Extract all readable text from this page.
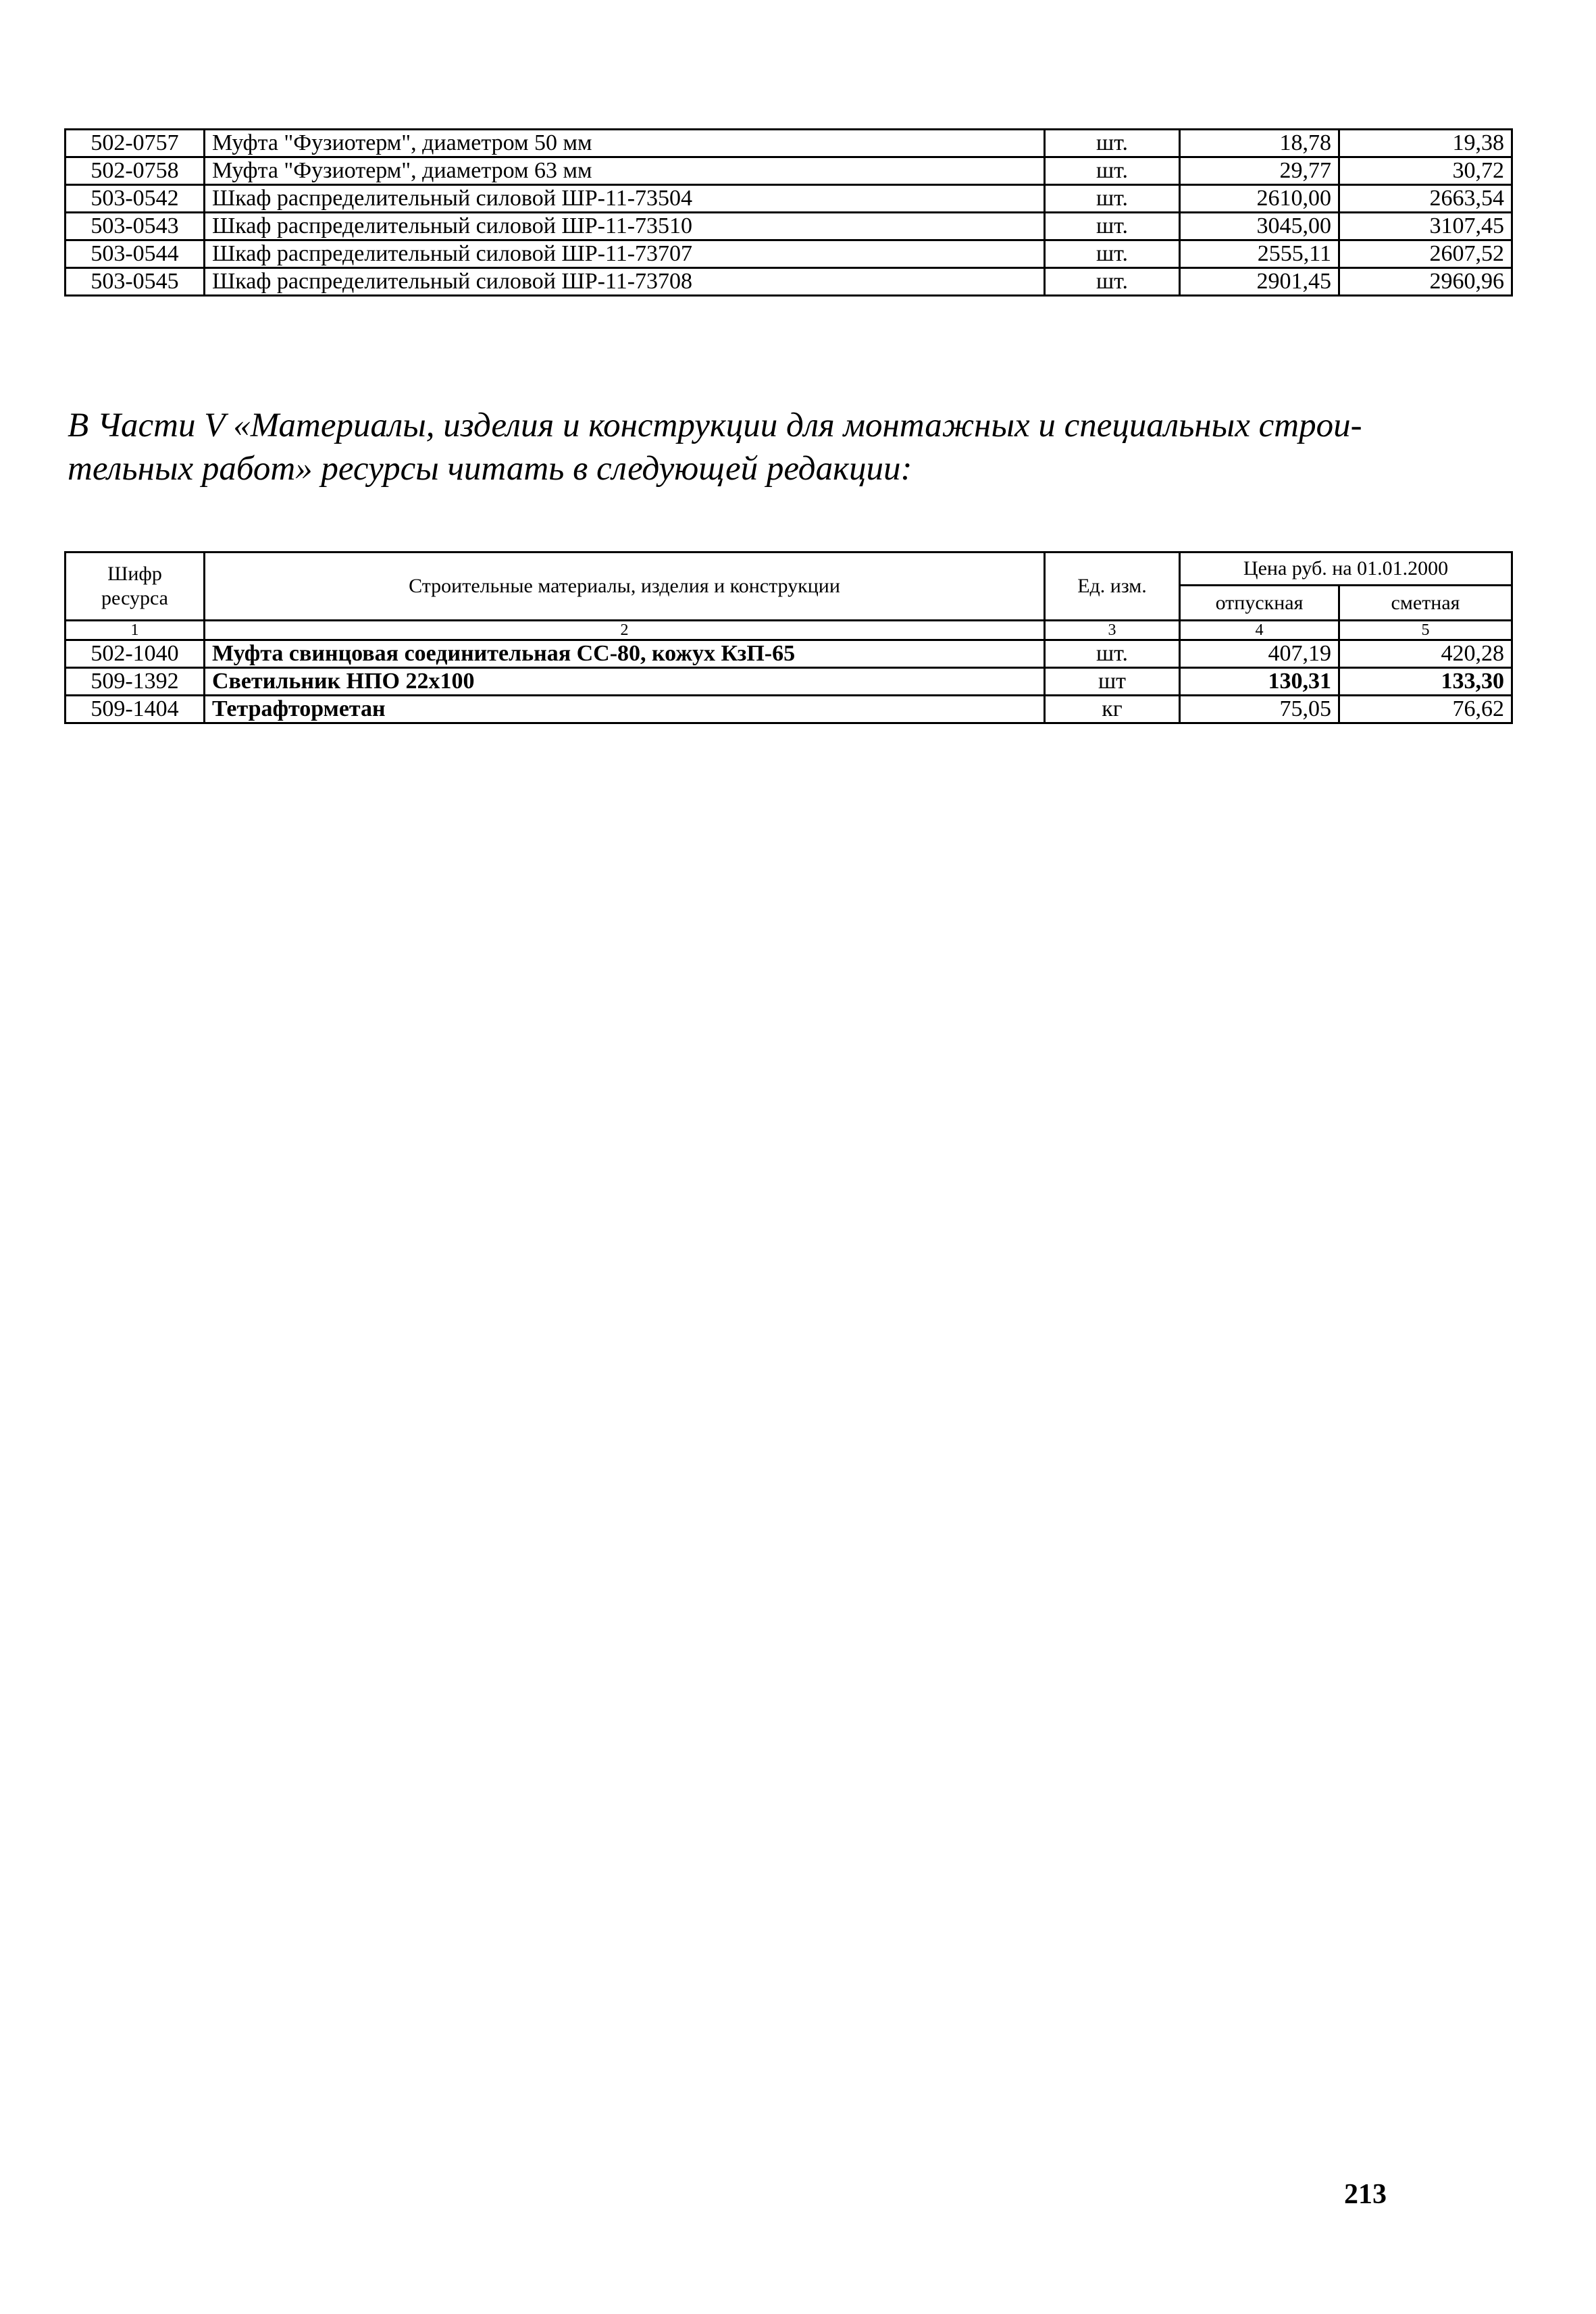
502-0757	Муфта "Фузиотерм", диаметром 50 мм	шт.	18,78	19,38
502-0758	Муфта "Фузиотерм", диаметром 63 мм	шт.	29,77	30,72
503-0542	Шкаф распределительный силовой ШР-11-73504	шт.	2610,00	2663,54
503-0543	Шкаф распределительный силовой ШР-11-73510	шт.	3045,00	3107,45
503-0544	Шкаф распределительный силовой ШР-11-73707	шт.	2555,11	2607,52
503-0545	Шкаф распределительный силовой ШР-11-73708	шт.	2901,45	2960,96
В Части V «Материалы, изделия и конструкции для монтажных и специальных строи-
тельных работ» ресурсы читать в следующей редакции:
Шифр ресурса	Строительные материалы, изделия и конструкции	Ед. изм.	Цена руб. на 01.01.2000	
			отпускная	сметная
1	2	3	4	5
502-1040	Муфта свинцовая соединительная СС-80, кожух КзП-65	шт.	407,19	420,28
509-1392	Светильник НПО 22х100	шт	130,31	133,30
509-1404	Тетрафторметан	кг	75,05	76,62
213
